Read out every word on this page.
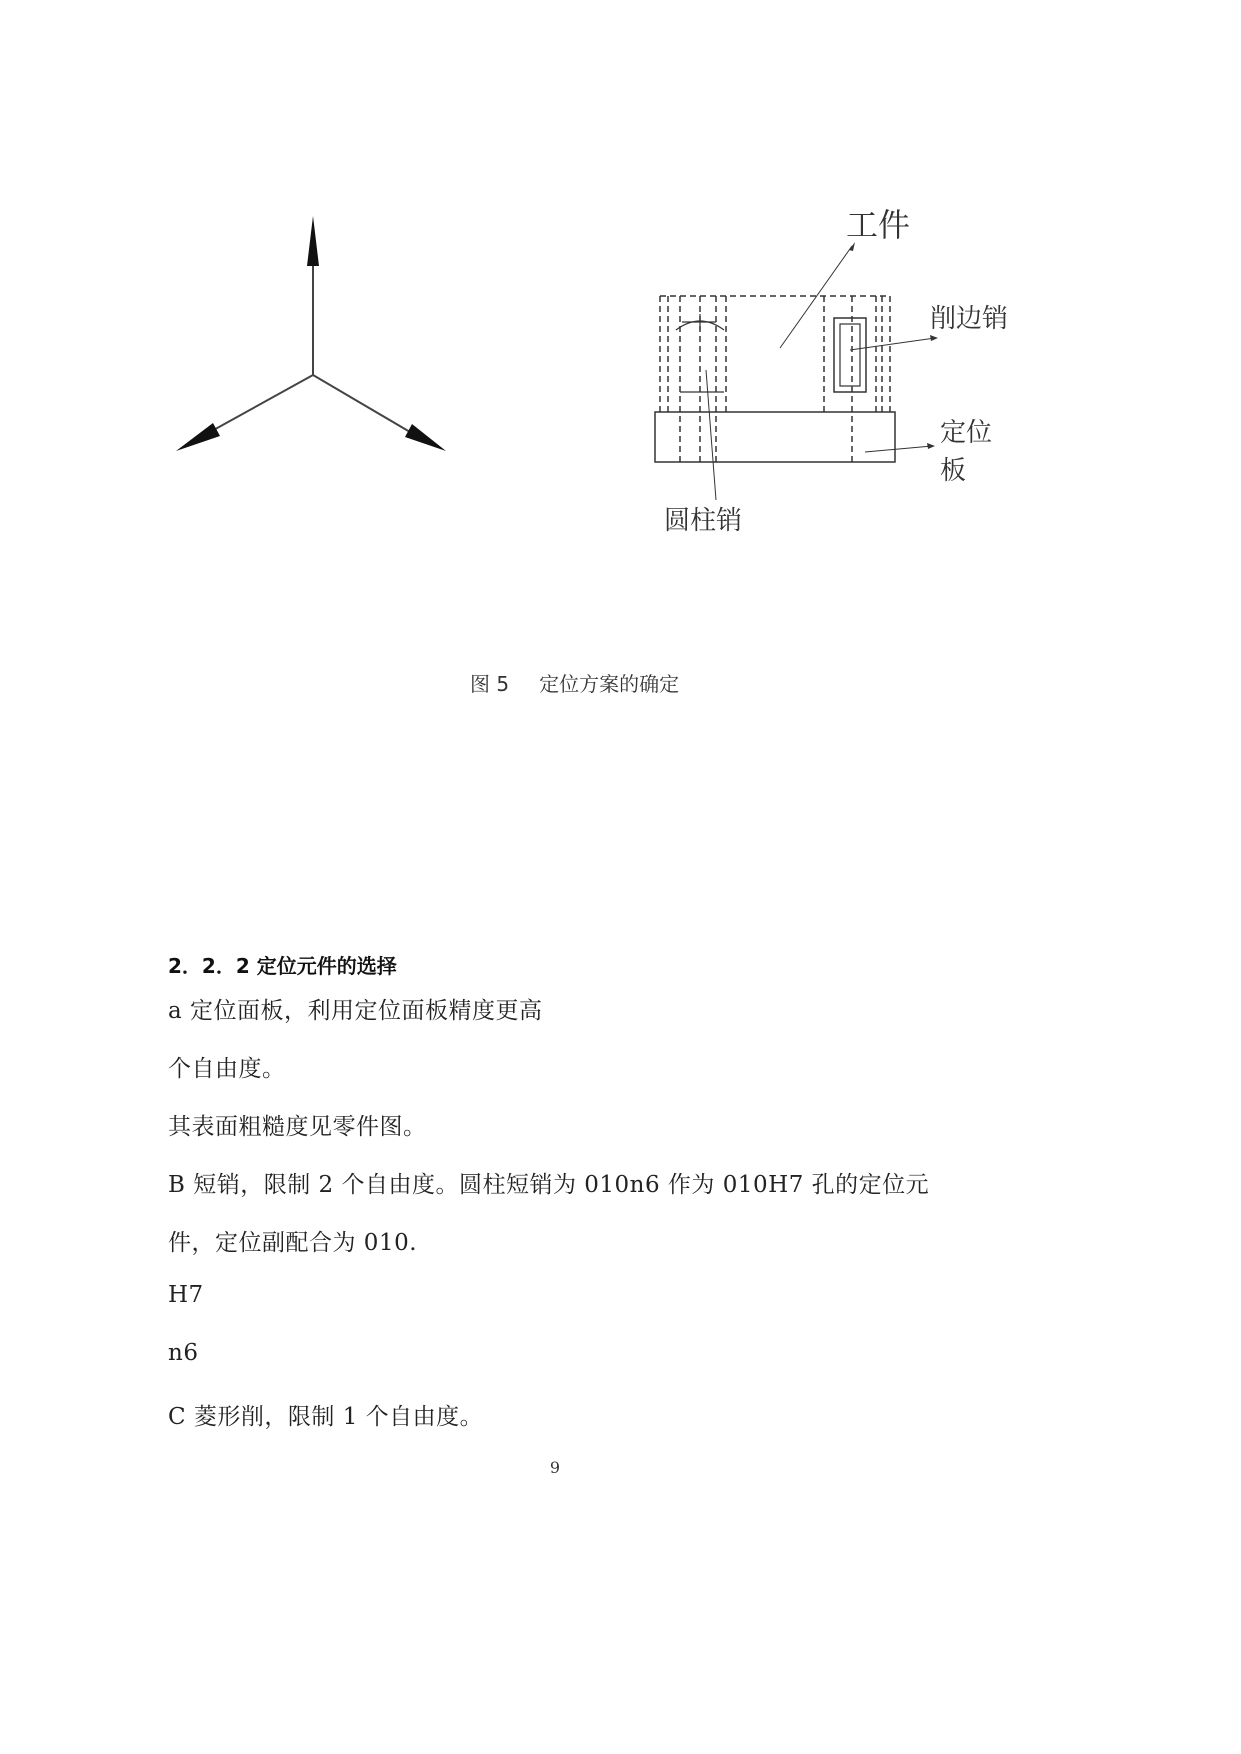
工件
削边销
定位
板
圆柱销
图 5 定位方案的确定
2．2．2 定位元件的选择
a 定位面板，利用定位面板精度更高
个自由度。
其表面粗糙度见零件图。
B 短销，限制 2 个自由度。圆柱短销为 010n6 作为 010H7 孔的定位元
件，定位副配合为 010.
H7
n6
C 菱形削，限制 1 个自由度。
9
